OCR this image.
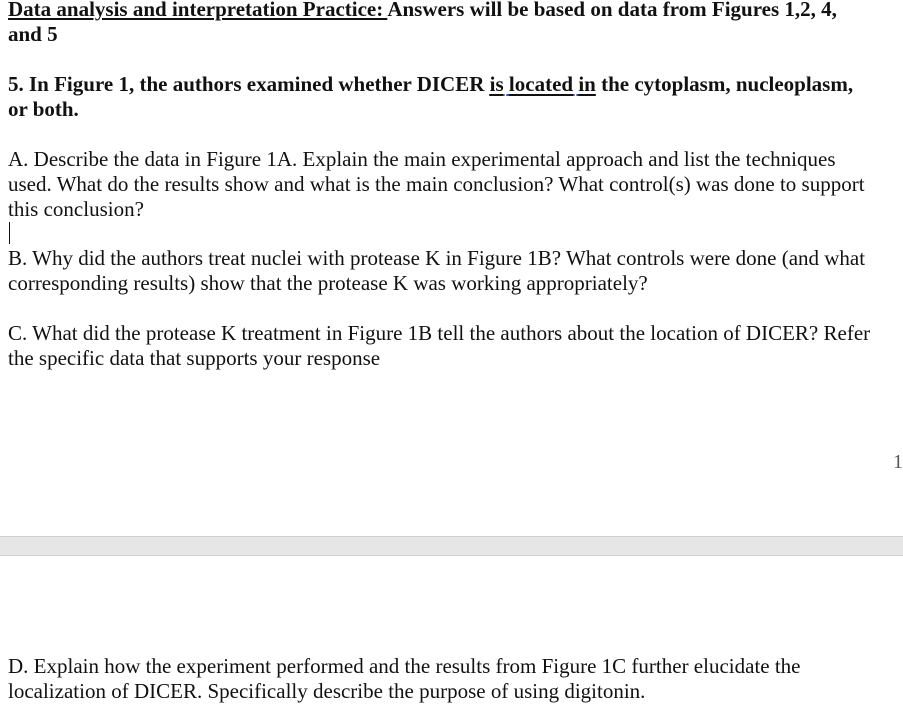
Data analysis and interpretation Practice: Answers will be based on data from Figures 1,2, 4,
and 5
5. In Figure 1, the authors examined whether DICER is located in the cytoplasm, nucleoplasm,
or both.
A. Describe the data in Figure 1A. Explain the main experimental approach and list the techniques
used. What do the results show and what is the main conclusion? What control(s) was done to support
this conclusion?
B. Why did the authors treat nuclei with protease K in Figure 1B? What controls were done (and what
corresponding results) show that the protease K was working appropriately?
C. What did the protease K treatment in Figure 1B tell the authors about the location of DICER? Refer
the specific data that supports your response
1
D. Explain how the experiment performed and the results from Figure 1C further elucidate the
localization of DICER. Specifically describe the purpose of using digitonin.
